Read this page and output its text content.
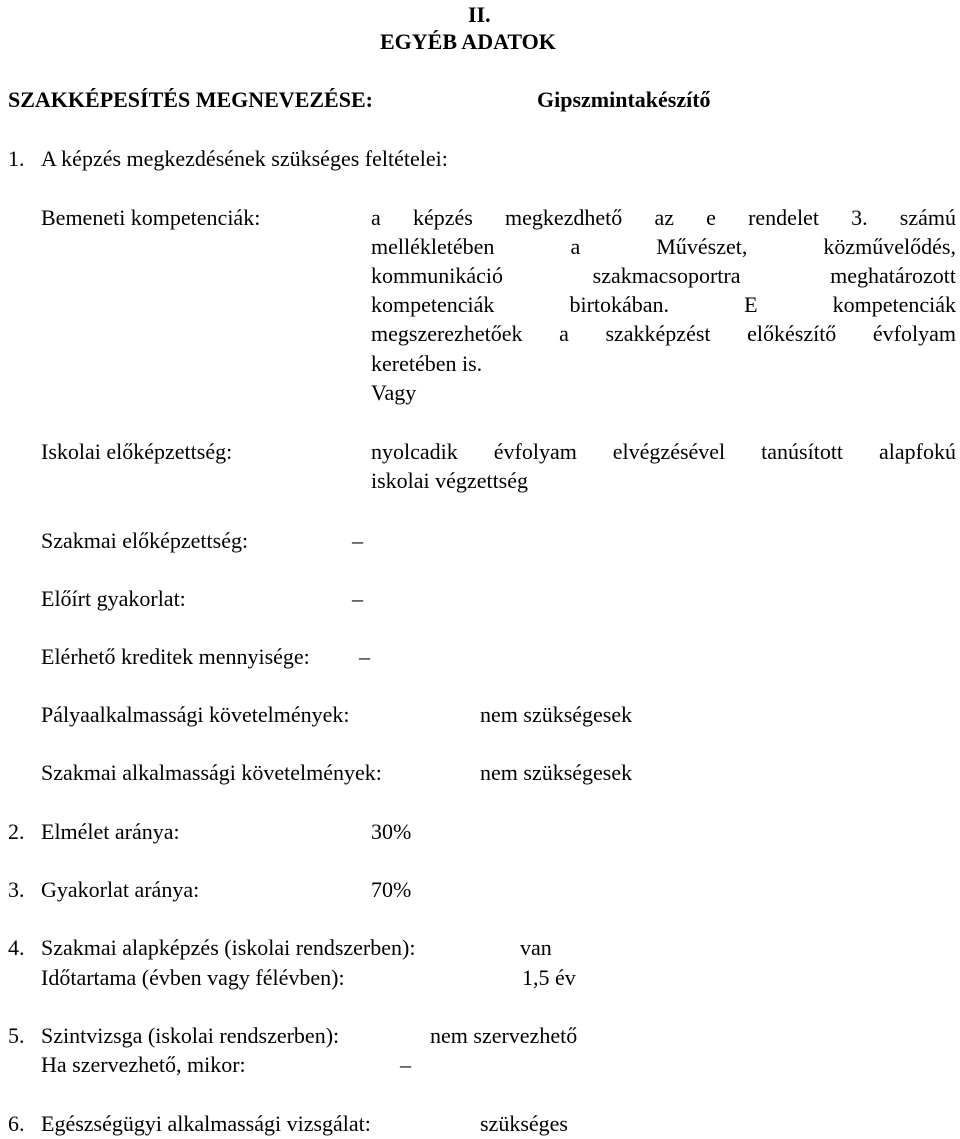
II.
EGYÉB ADATOK
SZAKKÉPESÍTÉS MEGNEVEZÉSE:	Gipszmintakészítő
1. A képzés megkezdésének szükséges feltételei:
Bemeneti kompetenciák:	a képzés megkezdhető az e rendelet 3. számú
mellékletében a Művészet, közművelődés,
kommunikáció szakmacsoportra meghatározott
kompetenciák birtokában. E kompetenciák
megszerezhetőek a szakképzést előkészítő évfolyam
keretében is.
Vagy
Iskolai előképzettség:	nyolcadik évfolyam elvégzésével tanúsított alapfokú
iskolai végzettség
Szakmai előképzettség:	–
Előírt gyakorlat:	–
Elérhető kreditek mennyisége: –
Pályaalkalmassági követelmények:	nem szükségesek
Szakmai alkalmassági követelmények:	nem szükségesek
2. Elmélet aránya:	30%
3. Gyakorlat aránya:	70%
4. Szakmai alapképzés (iskolai rendszerben):	van
Időtartama (évben vagy félévben):	1,5 év
5. Szintvizsga (iskolai rendszerben):	nem szervezhető
Ha szervezhető, mikor:	–
6. Egészségügyi alkalmassági vizsgálat:	szükséges
